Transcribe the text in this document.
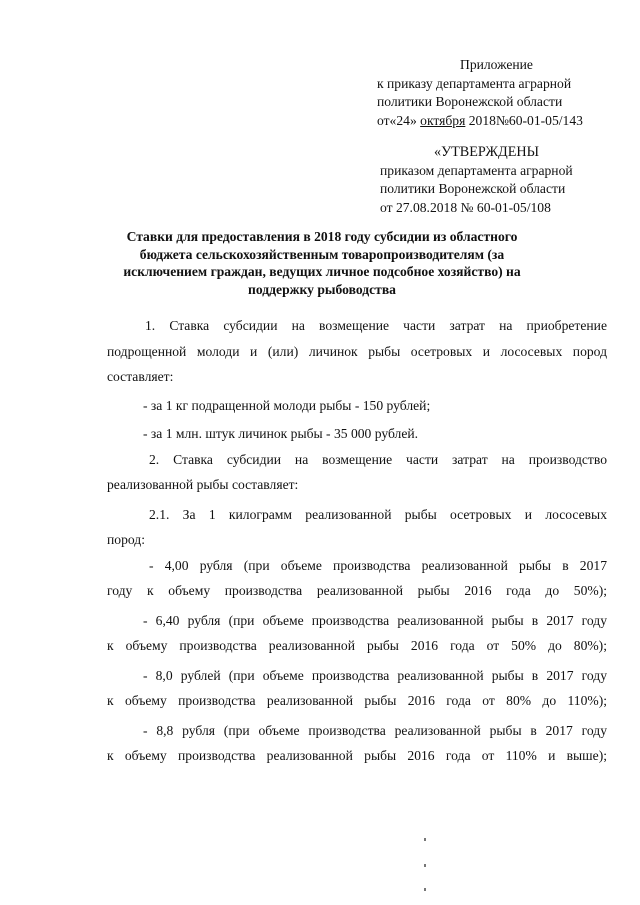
Приложение
к приказу департамента аграрной
политики Воронежской области
от«24» октября 2018№60-01-05/143
«УТВЕРЖДЕНЫ
приказом департамента аграрной
политики Воронежской области
от 27.08.2018 № 60-01-05/108
Ставки для предоставления в 2018 году субсидии из областного бюджета сельскохозяйственным товаропроизводителям (за исключением граждан, ведущих личное подсобное хозяйство) на поддержку рыбоводства

1. Ставка субсидии на возмещение части затрат на приобретение

подрощенной молоди и (или) личинок рыбы осетровых и лососевых пород

составляет:

- за 1 кг подращенной молоди рыбы - 150 рублей;

- за 1 млн. штук личинок рыбы - 35 000 рублей.

2. Ставка субсидии на возмещение части затрат на производство

реализованной рыбы составляет:

2.1. За 1 килограмм реализованной рыбы осетровых и лососевых

пород:

- 4,00 рубля (при объеме производства реализованной рыбы в 2017

году к объему производства реализованной рыбы 2016 года до 50%);

- 6,40 рубля (при объеме производства реализованной рыбы в 2017 году

к объему производства реализованной рыбы 2016 года от 50% до 80%);

- 8,0 рублей (при объеме производства реализованной рыбы в 2017 году

к объему производства реализованной рыбы 2016 года от 80% до 110%);

- 8,8 рубля (при объеме производства реализованной рыбы в 2017 году

к объему производства реализованной рыбы 2016 года от 110% и выше);
